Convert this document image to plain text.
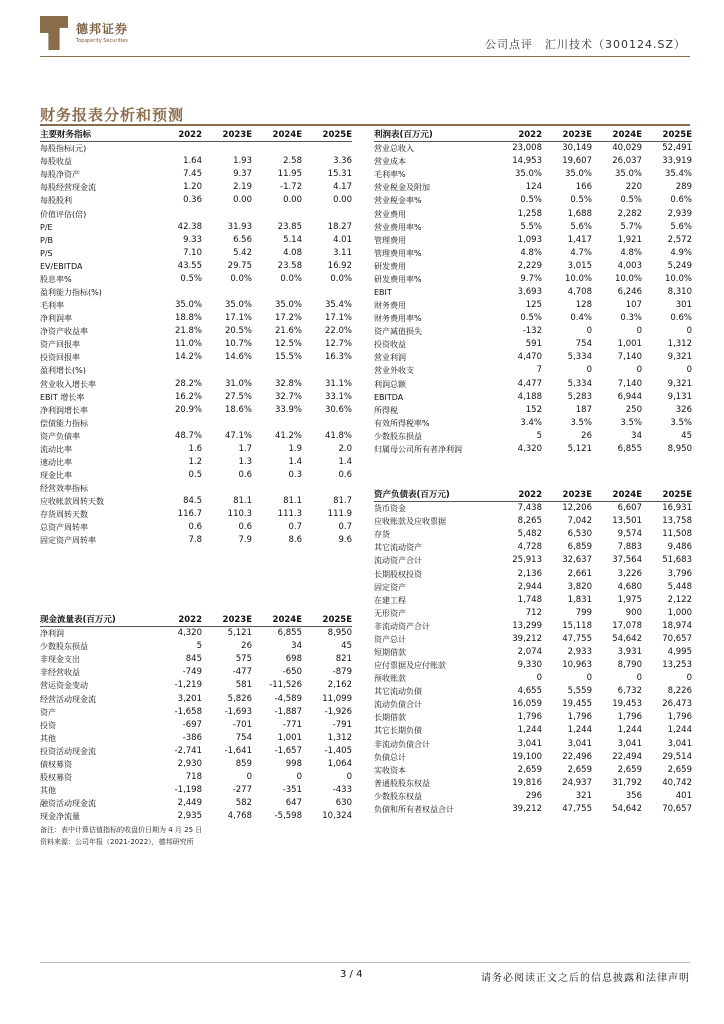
德邦证券
Topsperity Securities	公司点评　汇川技术（300124.SZ）
财务报表分析和预测
主要财务指标	2022	2023E	2024E	2025E
每股指标(元)
每股收益	1.64	1.93	2.58	3.36
每股净资产	7.45	9.37	11.95	15.31
每股经营现金流	1.20	2.19	-1.72	4.17
每股股利	0.36	0.00	0.00	0.00
价值评估(倍)
P/E	42.38	31.93	23.85	18.27
P/B	9.33	6.56	5.14	4.01
P/S	7.10	5.42	4.08	3.11
EV/EBITDA	43.55	29.75	23.58	16.92
股息率%	0.5%	0.0%	0.0%	0.0%
盈利能力指标(%)
毛利率	35.0%	35.0%	35.0%	35.4%
净利润率	18.8%	17.1%	17.2%	17.1%
净资产收益率	21.8%	20.5%	21.6%	22.0%
资产回报率	11.0%	10.7%	12.5%	12.7%
投资回报率	14.2%	14.6%	15.5%	16.3%
盈利增长(%)
营业收入增长率	28.2%	31.0%	32.8%	31.1%
EBIT 增长率	16.2%	27.5%	32.7%	33.1%
净利润增长率	20.9%	18.6%	33.9%	30.6%
偿债能力指标
资产负债率	48.7%	47.1%	41.2%	41.8%
流动比率	1.6	1.7	1.9	2.0
速动比率	1.2	1.3	1.4	1.4
现金比率	0.5	0.6	0.3	0.6
经营效率指标
应收帐款周转天数	84.5	81.1	81.1	81.7
存货周转天数	116.7	110.3	111.3	111.9
总资产周转率	0.6	0.6	0.7	0.7
固定资产周转率	7.8	7.9	8.6	9.6
利润表(百万元)	2022	2023E	2024E	2025E
营业总收入	23,008	30,149	40,029	52,491
营业成本	14,953	19,607	26,037	33,919
毛利率%	35.0%	35.0%	35.0%	35.4%
营业税金及附加	124	166	220	289
营业税金率%	0.5%	0.5%	0.5%	0.6%
营业费用	1,258	1,688	2,282	2,939
营业费用率%	5.5%	5.6%	5.7%	5.6%
管理费用	1,093	1,417	1,921	2,572
管理费用率%	4.8%	4.7%	4.8%	4.9%
研发费用	2,229	3,015	4,003	5,249
研发费用率%	9.7%	10.0%	10.0%	10.0%
EBIT	3,693	4,708	6,246	8,310
财务费用	125	128	107	301
财务费用率%	0.5%	0.4%	0.3%	0.6%
资产减值损失	-132	0	0	0
投资收益	591	754	1,001	1,312
营业利润	4,470	5,334	7,140	9,321
营业外收支	7	0	0	0
利润总额	4,477	5,334	7,140	9,321
EBITDA	4,188	5,283	6,944	9,131
所得税	152	187	250	326
有效所得税率%	3.4%	3.5%	3.5%	3.5%
少数股东损益	5	26	34	45
归属母公司所有者净利润	4,320	5,121	6,855	8,950
资产负债表(百万元)	2022	2023E	2024E	2025E
货币资金	7,438	12,206	6,607	16,931
应收账款及应收票据	8,265	7,042	13,501	13,758
存货	5,482	6,530	9,574	11,508
其它流动资产	4,728	6,859	7,883	9,486
流动资产合计	25,913	32,637	37,564	51,683
长期股权投资	2,136	2,661	3,226	3,796
固定资产	2,944	3,820	4,680	5,448
在建工程	1,748	1,831	1,975	2,122
无形资产	712	799	900	1,000
非流动资产合计	13,299	15,118	17,078	18,974
资产总计	39,212	47,755	54,642	70,657
短期借款	2,074	2,933	3,931	4,995
应付票据及应付账款	9,330	10,963	8,790	13,253
预收账款	0	0	0	0
其它流动负债	4,655	5,559	6,732	8,226
流动负债合计	16,059	19,455	19,453	26,473
长期借款	1,796	1,796	1,796	1,796
其它长期负债	1,244	1,244	1,244	1,244
非流动负债合计	3,041	3,041	3,041	3,041
负债总计	19,100	22,496	22,494	29,514
实收资本	2,659	2,659	2,659	2,659
普通股股东权益	19,816	24,937	31,792	40,742
少数股东权益	296	321	356	401
负债和所有者权益合计	39,212	47,755	54,642	70,657
现金流量表(百万元)	2022	2023E	2024E	2025E
净利润	4,320	5,121	6,855	8,950
少数股东损益	5	26	34	45
非现金支出	845	575	698	821
非经营收益	-749	-477	-650	-879
营运资金变动	-1,219	581	-11,526	2,162
经营活动现金流	3,201	5,826	-4,589	11,099
资产	-1,658	-1,693	-1,887	-1,926
投资	-697	-701	-771	-791
其他	-386	754	1,001	1,312
投资活动现金流	-2,741	-1,641	-1,657	-1,405
债权募资	2,930	859	998	1,064
股权募资	718	0	0	0
其他	-1,198	-277	-351	-433
融资活动现金流	2,449	582	647	630
现金净流量	2,935	4,768	-5,598	10,324
备注：表中计算估值指标的收盘价日期为 4 月 25 日
资料来源：公司年报（2021-2022），德邦研究所
3 / 4	请务必阅读正文之后的信息披露和法律声明
